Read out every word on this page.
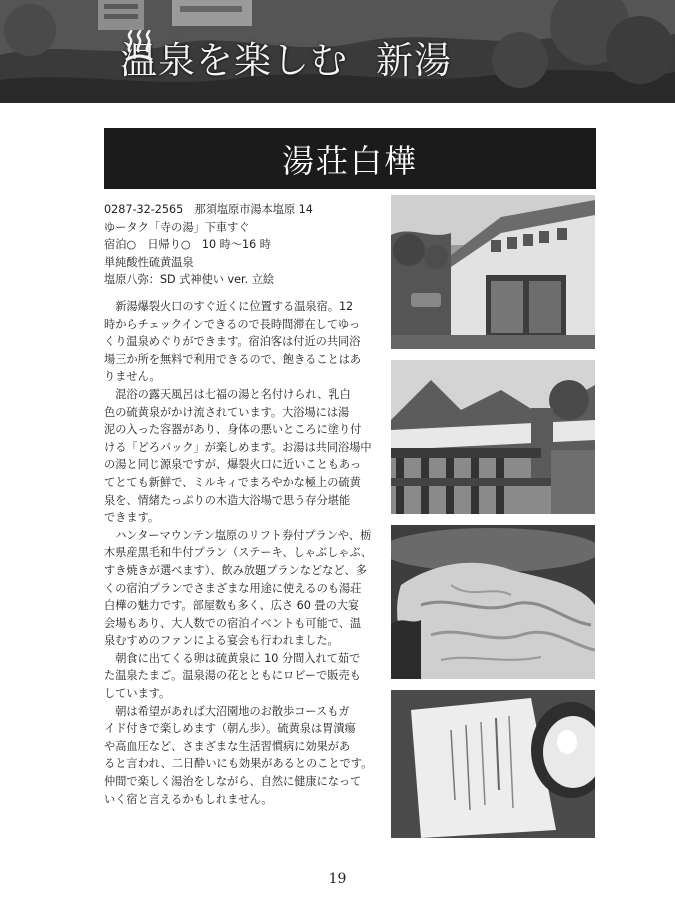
温泉を楽しむ 新湯
湯荘白樺
0287-32-2565　那須塩原市湯本塩原 14
ゆータク「寺の湯」下車すぐ
宿泊○　日帰り○　10 時〜16 時
単純酸性硫黄温泉
塩原八弥：SD 式神使い ver. 立絵
　新湯爆裂火口のすぐ近くに位置する温泉宿。12
時からチェックインできるので長時間滞在してゆっ
くり温泉めぐりができます。宿泊客は付近の共同浴
場三か所を無料で利用できるので、飽きることはあ
りません。
　混浴の露天風呂は七福の湯と名付けられ、乳白
色の硫黄泉がかけ流されています。大浴場には湯
泥の入った容器があり、身体の悪いところに塗り付
ける「どろパック」が楽しめます。お湯は共同浴場中
の湯と同じ源泉ですが、爆裂火口に近いこともあっ
てとても新鮮で、ミルキィでまろやかな極上の硫黄
泉を、情緒たっぷりの木造大浴場で思う存分堪能
できます。
　ハンターマウンテン塩原のリフト券付プランや、栃
木県産黒毛和牛付プラン（ステーキ、しゃぶしゃぶ、
すき焼きが選べます）、飲み放題プランなどなど、多
くの宿泊プランでさまざまな用途に使えるのも湯荘
白樺の魅力です。部屋数も多く、広さ 60 畳の大宴
会場もあり、大人数での宿泊イベントも可能で、温
泉むすめのファンによる宴会も行われました。
　朝食に出てくる卵は硫黄泉に 10 分間入れて茹で
た温泉たまご。温泉湯の花とともにロビーで販売も
しています。
　朝は希望があれば大沼園地のお散歩コースもガ
イド付きで楽しめます（朝ん歩）。硫黄泉は胃潰瘍
や高血圧など、さまざまな生活習慣病に効果があ
ると言われ、二日酔いにも効果があるとのことです。
仲間で楽しく湯治をしながら、自然に健康になって
いく宿と言えるかもしれません。
19
